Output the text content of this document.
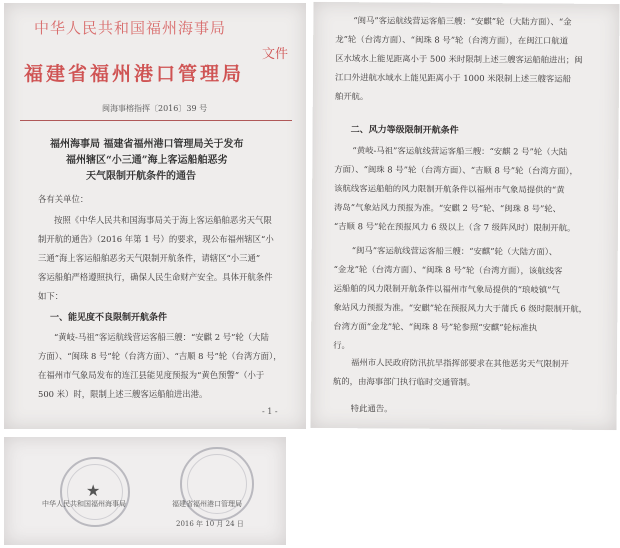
中华人民共和国福州海事局
福建省福州港口管理局
文件
闽海事榕指挥〔2016〕39 号
福州海事局 福建省福州港口管理局关于发布
福州辖区“小三通”海上客运船舶恶劣
天气限制开航条件的通告
各有关单位：
按照《中华人民共和国海事局关于海上客运船舶恶劣天气限
制开航的通告》（2016 年第 1 号）的要求，现公布福州辖区“小
三通”海上客运船舶恶劣天气限制开航条件，请辖区“小三通”
客运船舶严格遵照执行，确保人民生命财产安全。具体开航条件
如下：
一、能见度不良限制开航条件
“黄岐-马祖”客运航线营运客船三艘：“安麒 2 号”轮（大陆
方面）、“闽珠 8 号”轮（台湾方面）、“吉顺 8 号”轮（台湾方面），
在福州市气象局发布的连江县能见度预报为“黄色预警”（小于
500 米）时，限制上述三艘客运船舶进出港。
- 1 -
“闽马”客运航线营运客船三艘：“安麒”轮（大陆方面）、“金
龙”轮（台湾方面）、“闽珠 8 号”轮（台湾方面），在闽江口航道
区水域水上能见距离小于 500 米时限制上述三艘客运船舶进出；闽
江口外进航水域水上能见距离小于 1000 米限制上述三艘客运船
舶开航。
二、风力等级限制开航条件
“黄岐-马祖”客运航线营运客船三艘：“安麒 2 号”轮（大陆
方面）、“闽珠 8 号”轮（台湾方面）、“吉顺 8 号”轮（台湾方面），
该航线客运船舶的风力限制开航条件以福州市气象局提供的“黄
涛岛”气象站风力预报为准。“安麒 2 号”轮、“闽珠 8 号”轮、
“吉顺 8 号”轮在预报风力 6 级以上（含 7 级阵风时）限制开航。
“闽马”客运航线营运客船三艘：“安麒”轮（大陆方面）、
“金龙”轮（台湾方面）、“闽珠 8 号”轮（台湾方面），该航线客
运船舶的风力限制开航条件以福州市气象局提供的“琅岐镇”气
象站风力预报为准。“安麒”轮在预报风力大于蒲氏 6 级时限制开航，
台湾方面“金龙”轮、“闽珠 8 号”轮参照“安麒”轮标准执
行。
福州市人民政府防汛抗旱指挥部要求在其他恶劣天气限制开
航的，由海事部门执行临时交通管制。
特此通告。
★
中华人民共和国福州海事局	福建省福州港口管理局
2016 年 10 月 24 日
